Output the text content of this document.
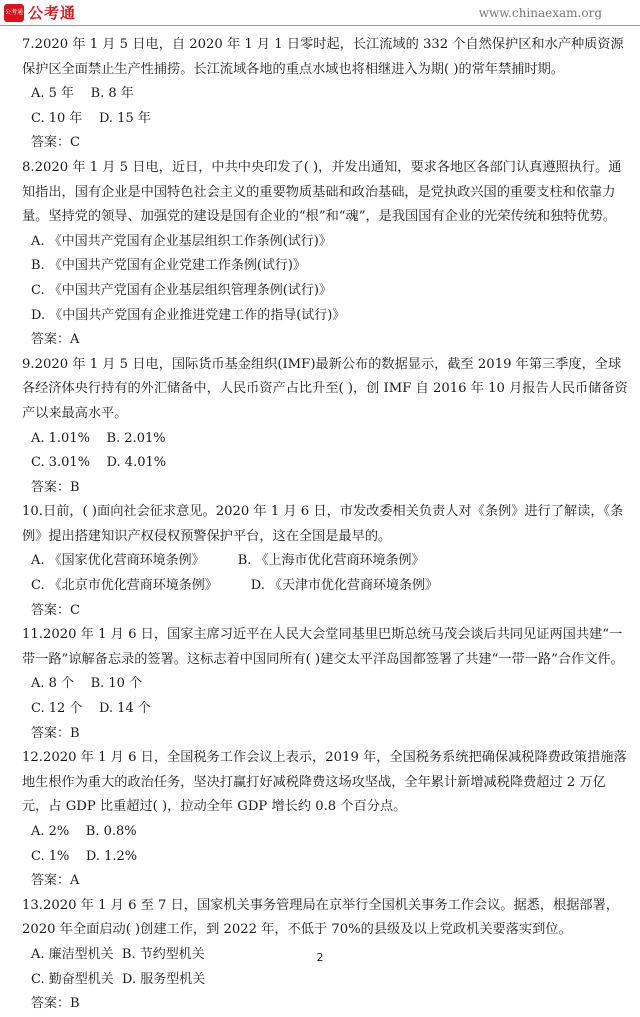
公考通 公考通	www.chinaexam.org

7.2020 年 1 月 5 日电，自 2020 年 1 月 1 日零时起，长江流域的 332 个自然保护区和水产种质资源保护区全面禁止生产性捕捞。长江流域各地的重点水域也将相继进入为期( )的常年禁捕时期。

A. 5 年    B. 8 年

C. 10 年    D. 15 年

答案：C

8.2020 年 1 月 5 日电，近日，中共中央印发了( )，并发出通知，要求各地区各部门认真遵照执行。通知指出，国有企业是中国特色社会主义的重要物质基础和政治基础，是党执政兴国的重要支柱和依靠力量。坚持党的领导、加强党的建设是国有企业的“根”和“魂”，是我国国有企业的光荣传统和独特优势。

A. 《中国共产党国有企业基层组织工作条例(试行)》

B. 《中国共产党国有企业党建工作条例(试行)》

C. 《中国共产党国有企业基层组织管理条例(试行)》

D. 《中国共产党国有企业推进党建工作的指导(试行)》

答案：A

9.2020 年 1 月 5 日电，国际货币基金组织(IMF)最新公布的数据显示，截至 2019 年第三季度，全球各经济体央行持有的外汇储备中，人民币资产占比升至( )，创 IMF 自 2016 年 10 月报告人民币储备资产以来最高水平。

A. 1.01%    B. 2.01%

C. 3.01%    D. 4.01%

答案：B

10.日前，( )面向社会征求意见。2020 年 1 月 6 日，市发改委相关负责人对《条例》进行了解读，《条例》提出搭建知识产权侵权预警保护平台，这在全国是最早的。

A. 《国家优化营商环境条例》        B. 《上海市优化营商环境条例》

C. 《北京市优化营商环境条例》        D. 《天津市优化营商环境条例》

答案：C

11.2020 年 1 月 6 日，国家主席习近平在人民大会堂同基里巴斯总统马茂会谈后共同见证两国共建“一带一路”谅解备忘录的签署。这标志着中国同所有( )建交太平洋岛国都签署了共建“一带一路”合作文件。

A. 8 个    B. 10 个

C. 12 个    D. 14 个

答案：B

12.2020 年 1 月 6 日，全国税务工作会议上表示，2019 年，全国税务系统把确保减税降费政策措施落地生根作为重大的政治任务，坚决打赢打好减税降费这场攻坚战，全年累计新增减税降费超过 2 万亿元，占 GDP 比重超过( )，拉动全年 GDP 增长约 0.8 个百分点。

A. 2%    B. 0.8%

C. 1%    D. 1.2%

答案：A

13.2020 年 1 月 6 至 7 日，国家机关事务管理局在京举行全国机关事务工作会议。据悉，根据部署，2020 年全面启动( )创建工作，到 2022 年，不低于 70%的县级及以上党政机关要落实到位。

A. 廉洁型机关  B. 节约型机关

C. 勤奋型机关  D. 服务型机关

答案：B

2
